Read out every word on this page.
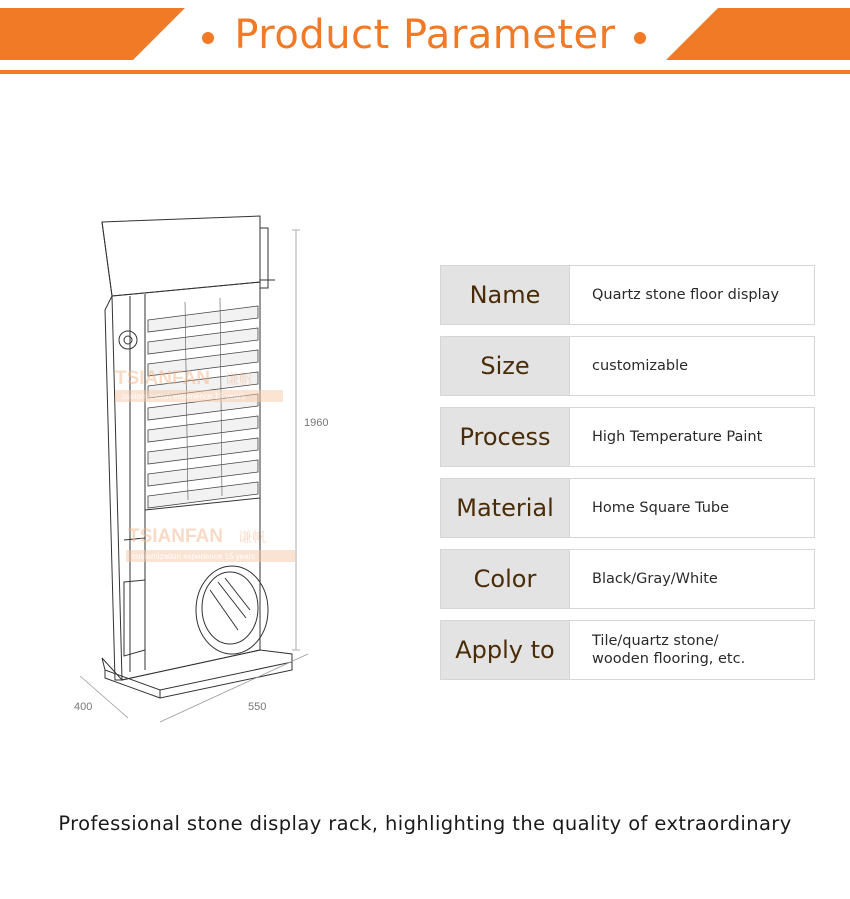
Product Parameter
1960
400	550
TSIANFAN 谦帆
customization experience 15 years
TSIANFAN 谦帆
customization experience 15 years
Name	Quartz stone floor display
Size	customizable
Process	High Temperature Paint
Material	Home Square Tube
Color	Black/Gray/White
Apply to	Tile/quartz stone/
wooden flooring, etc.
Professional stone display rack, highlighting the quality of extraordinary
